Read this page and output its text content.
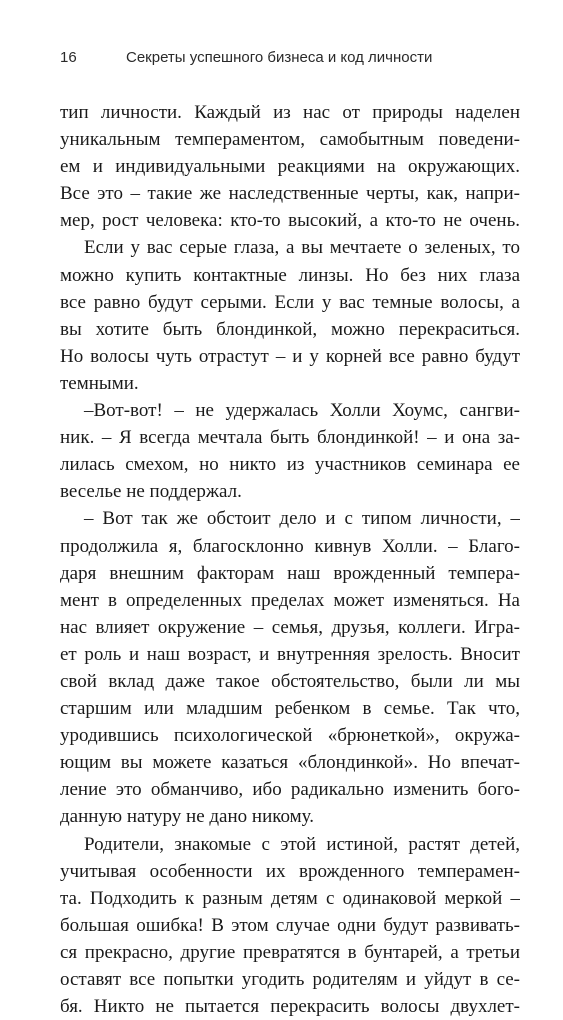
16	Секреты успешного бизнеса и код личности
тип личности. Каждый из нас от природы наделен
уникальным темпераментом, самобытным поведени-
ем и индивидуальными реакциями на окружающих.
Все это – такие же наследственные черты, как, напри-
мер, рост человека: кто-то высокий, а кто-то не очень.
Если у вас серые глаза, а вы мечтаете о зеленых, то
можно купить контактные линзы. Но без них глаза
все равно будут серыми. Если у вас темные волосы, а
вы хотите быть блондинкой, можно перекраситься.
Но волосы чуть отрастут – и у корней все равно будут
темными.
–Вот-вот! – не удержалась Холли Хоумс, сангви-
ник. – Я всегда мечтала быть блондинкой! – и она за-
лилась смехом, но никто из участников семинара ее
веселье не поддержал.
– Вот так же обстоит дело и с типом личности, –
продолжила я, благосклонно кивнув Холли. – Благо-
даря внешним факторам наш врожденный темпера-
мент в определенных пределах может изменяться. На
нас влияет окружение – семья, друзья, коллеги. Игра-
ет роль и наш возраст, и внутренняя зрелость. Вносит
свой вклад даже такое обстоятельство, были ли мы
старшим или младшим ребенком в семье. Так что,
уродившись психологической «брюнеткой», окружа-
ющим вы можете казаться «блондинкой». Но впечат-
ление это обманчиво, ибо радикально изменить бого-
данную натуру не дано никому.
Родители, знакомые с этой истиной, растят детей,
учитывая особенности их врожденного темперамен-
та. Подходить к разным детям с одинаковой меркой –
большая ошибка! В этом случае одни будут развивать-
ся прекрасно, другие превратятся в бунтарей, а третьи
оставят все попытки угодить родителям и уйдут в се-
бя. Никто не пытается перекрасить волосы двухлет-
